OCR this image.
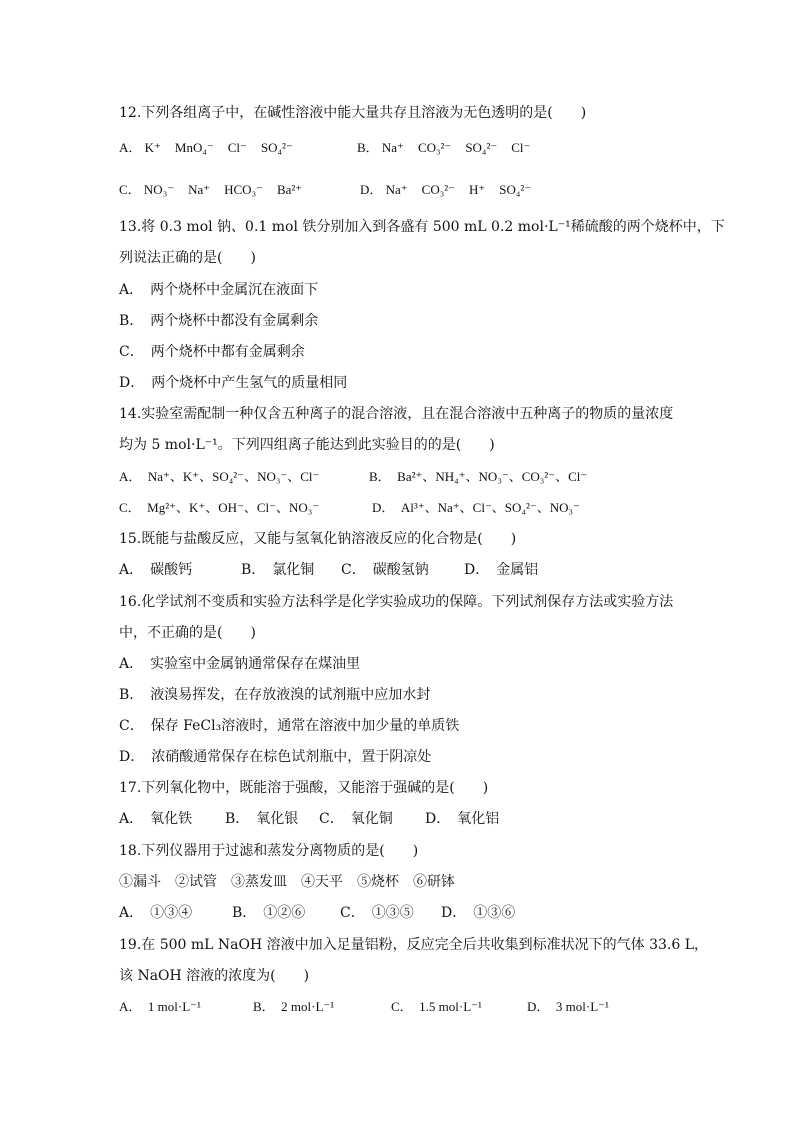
12.下列各组离子中，在碱性溶液中能大量共存且溶液为无色透明的是(　　)
A． K⁺ MnO₄⁻ Cl⁻ SO₄²⁻	B． Na⁺ CO₃²⁻ SO₄²⁻ Cl⁻
C． NO₃⁻ Na⁺ HCO₃⁻ Ba²⁺	D． Na⁺ CO₃²⁻ H⁺ SO₄²⁻
13.将 0.3 mol 钠、0.1 mol 铁分别加入到各盛有 500 mL 0.2 mol·L⁻¹稀硫酸的两个烧杯中，下
列说法正确的是(　　)
A．　两个烧杯中金属沉在液面下
B．　两个烧杯中都没有金属剩余
C．　两个烧杯中都有金属剩余
D．　两个烧杯中产生氢气的质量相同
14.实验室需配制一种仅含五种离子的混合溶液，且在混合溶液中五种离子的物质的量浓度
均为 5 mol·L⁻¹。下列四组离子能达到此实验目的的是(　　)
A．　Na⁺、K⁺、SO₄²⁻、NO₃⁻、Cl⁻	B．　Ba²⁺、NH₄⁺、NO₃⁻、CO₃²⁻、Cl⁻
C．　Mg²⁺、K⁺、OH⁻、Cl⁻、NO₃⁻	D．　Al³⁺、Na⁺、Cl⁻、SO₄²⁻、NO₃⁻
15.既能与盐酸反应，又能与氢氧化钠溶液反应的化合物是(　　)
A．　碳酸钙	B．　氯化铜 C．　碳酸氢钠	D．　金属铝
16.化学试剂不变质和实验方法科学是化学实验成功的保障。下列试剂保存方法或实验方法
中，不正确的是(　　)
A．　实验室中金属钠通常保存在煤油里
B．　液溴易挥发，在存放液溴的试剂瓶中应加水封
C．　保存 FeCl₃溶液时，通常在溶液中加少量的单质铁
D．　浓硝酸通常保存在棕色试剂瓶中，置于阴凉处
17.下列氧化物中，既能溶于强酸，又能溶于强碱的是(　　)
A．　氧化铁 B．　氧化银 C．　氧化铜 D．　氧化铝
18.下列仪器用于过滤和蒸发分离物质的是(　　)
①漏斗　②试管　③蒸发皿　④天平　⑤烧杯　⑥研钵
A．　①③④	B．　①②⑥ C．　①③⑤ D．　①③⑥
19.在 500 mL NaOH 溶液中加入足量铝粉，反应完全后共收集到标准状况下的气体 33.6 L，
该 NaOH 溶液的浓度为(　　)
A．　1 mol·L⁻¹	B．　2 mol·L⁻¹	C．　1.5 mol·L⁻¹	D．　3 mol·L⁻¹
